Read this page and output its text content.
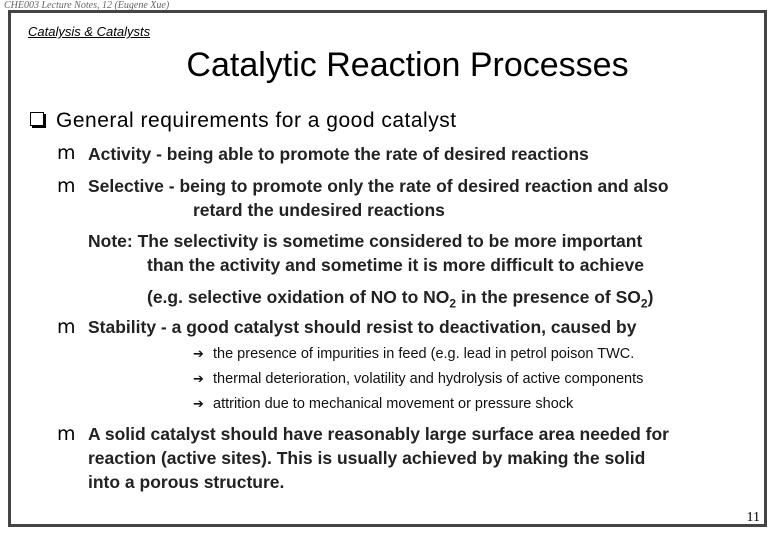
CHE003 Lecture Notes, 12 (Eugene Xue)
Catalysis & Catalysts
Catalytic Reaction Processes
General requirements for a good catalyst
m Activity - being able to promote the rate of desired reactions
m Selective - being to promote only the rate of desired reaction and also
retard the undesired reactions
Note: The selectivity is sometime considered to be more important
than the activity and sometime it is more difficult to achieve
(e.g. selective oxidation of NO to $NO_2$ in the presence of $SO_2$)
m Stability - a good catalyst should resist to deactivation, caused by
➔ the presence of impurities in feed (e.g. lead in petrol poison TWC.
➔ thermal deterioration, volatility and hydrolysis of active components
➔ attrition due to mechanical movement or pressure shock
m A solid catalyst should have reasonably large surface area needed for
reaction (active sites). This is usually achieved by making the solid
into a porous structure.
11
